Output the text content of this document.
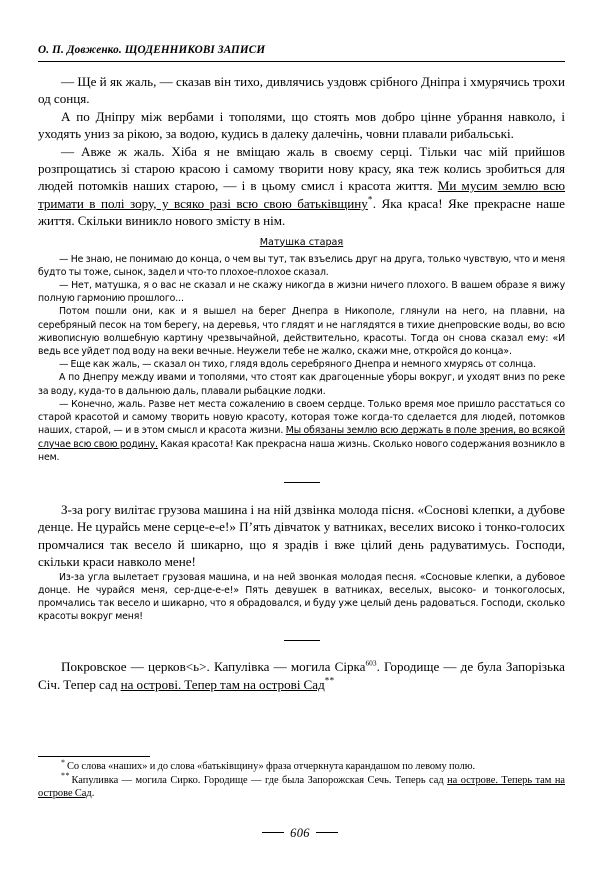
О. П. Довженко. ЩОДЕННИКОВІ ЗАПИСИ

— Ще й як жаль, — сказав він тихо, дивлячись уздовж срібного Дніпра і хмурячись трохи од сонця.

А по Дніпру між вербами і тополями, що стоять мов добро цінне убрання навколо, і уходять униз за рікою, за водою, кудись в далеку далечінь, човни плавали рибальські.

— Авже ж жаль. Хіба я не вміщаю жаль в своєму серці. Тільки час мій прийшов розпрощатись зі старою красою і самому творити нову красу, яка теж колись зробиться для людей потомків наших старою, — і в цьому смисл і красота життя. Ми мусим землю всю тримати в полі зору, у всяко разі всю свою батьківщину*. Яка краса! Яке прекрасне наше життя. Скільки виникло нового змісту в нім.

Матушка старая

— Не знаю, не понимаю до конца, о чем вы тут, так взъелись друг на друга, только чувствую, что и меня будто ты тоже, сынок, задел и что-то плохое-плохое сказал.

— Нет, матушка, я о вас не сказал и не скажу никогда в жизни ничего плохого. В вашем образе я вижу полную гармонию прошлого...

Потом пошли они, как и я вышел на берег Днепра в Никополе, глянули на него, на плавни, на серебряный песок на том берегу, на деревья, что глядят и не наглядятся в тихие днепровские воды, во всю живописную волшебную картину чрезвычайной, действительно, красоты. Тогда он снова сказал ему: «И ведь все уйдет под воду на веки вечные. Неужели тебе не жалко, скажи мне, откройся до конца».

— Еще как жаль, — сказал он тихо, глядя вдоль серебряного Днепра и немного хмурясь от солнца.

А по Днепру между ивами и тополями, что стоят как драгоценные уборы вокруг, и уходят вниз по реке за воду, куда-то в дальнюю даль, плавали рыбацкие лодки.

— Конечно, жаль. Разве нет места сожалению в своем сердце. Только время мое пришло расстаться со старой красотой и самому творить новую красоту, которая тоже когда-то сделается для людей, потомков наших, старой, — и в этом смысл и красота жизни. Мы обязаны землю всю держать в поле зрения, во всякой случае всю свою родину. Какая красота! Как прекрасна наша жизнь. Сколько нового содержания возникло в нем.

З-за рогу вилітає грузова машина і на ній дзвінка молода пісня. «Соснові клепки, а дубове денце. Не цурайсь мене серце-е-е!» П’ять дівчаток у ватниках, веселих високо і тонко-голосих промчалися так весело й шикарно, що я зрадів і вже цілий день радуватимусь. Господи, скільки краси навколо мене!

Из-за угла вылетает грузовая машина, и на ней звонкая молодая песня. «Сосновые клепки, а дубовое донце. Не чурайся меня, сер-дце-е-е!» Пять девушек в ватниках, веселых, высоко- и тонкоголосых, промчались так весело и шикарно, что я обрадовался, и буду уже целый день радоваться. Господи, сколько красоты вокруг меня!

Покровское — церков<ь>. Капулівка — могила Сірка$^{603}$. Городище — де була Запорізька Січ. Тепер сад на острові. Тепер там на острові Сад**

* Со слова «наших» и до слова «батьківщину» фраза отчеркнута карандашом по левому полю.

** Капуливка — могила Сирко. Городище — где была Запорожская Сечь. Теперь сад на острове. Теперь там на острове Сад.

606
